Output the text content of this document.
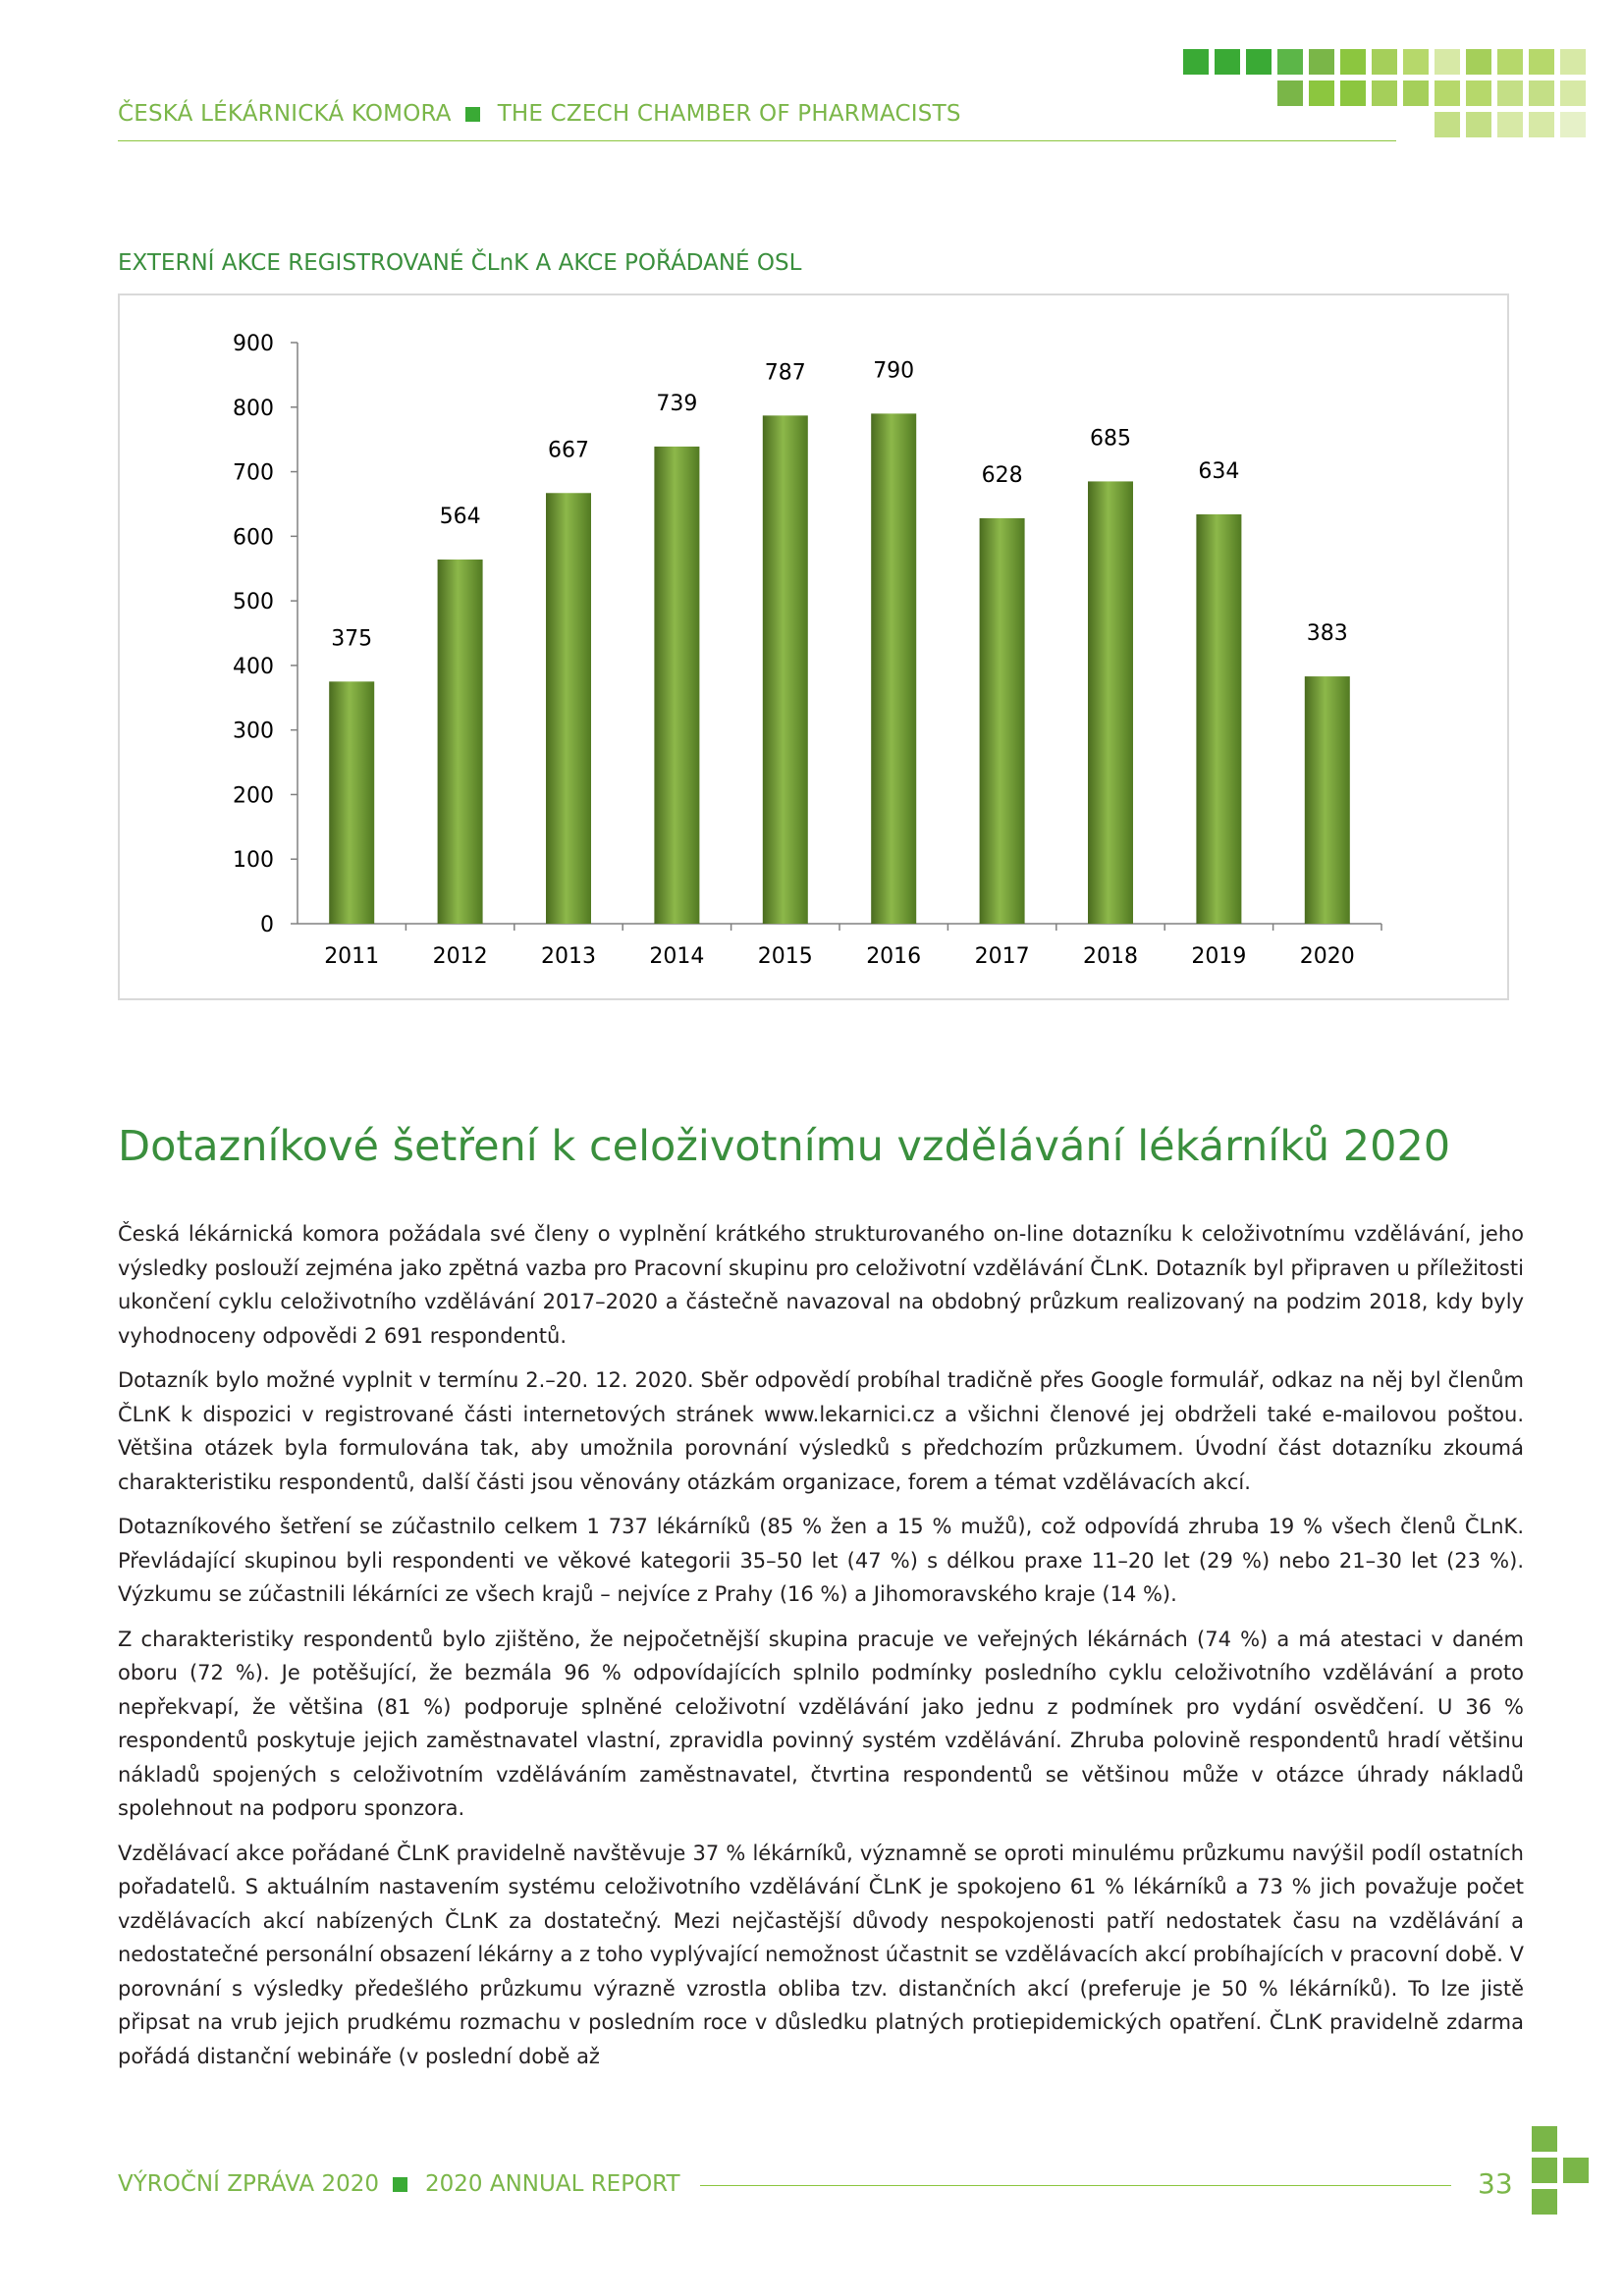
ČESKÁ LÉKÁRNICKÁ KOMORA THE CZECH CHAMBER OF PHARMACISTS
EXTERNÍ AKCE REGISTROVANÉ ČLnK A AKCE POŘÁDANÉ OSL
0
100
200
300
400
500
600
700
800
900
2011
375
2012
564
2013
667
2014
739
2015
787
2016
790
2017
628
2018
685
2019
634
2020
383
Dotazníkové šetření k celoživotnímu vzdělávání lékárníků 2020

Česká lékárnická komora požádala své členy o vyplnění krátkého strukturovaného on-line dotazníku k celoživotnímu vzdělávání, jeho výsledky poslouží zejména jako zpětná vazba pro Pracovní skupinu pro celoživotní vzdělávání ČLnK. Dotazník byl připraven u příležitosti ukončení cyklu celoživotního vzdělávání 2017–2020 a částečně navazoval na obdobný průzkum realizovaný na podzim 2018, kdy byly vyhodnoceny odpovědi 2 691 respondentů.

Dotazník bylo možné vyplnit v termínu 2.–20. 12. 2020. Sběr odpovědí probíhal tradičně přes Google formulář, odkaz na něj byl členům ČLnK k dispozici v registrované části internetových stránek www.lekarnici.cz a všichni členové jej obdrželi také e-mailovou poštou. Většina otázek byla formulována tak, aby umožnila porovnání výsledků s předchozím průzkumem. Úvodní část dotazníku zkoumá charakteristiku respondentů, další části jsou věnovány otázkám organizace, forem a témat vzdělávacích akcí.

Dotazníkového šetření se zúčastnilo celkem 1 737 lékárníků (85 % žen a 15 % mužů), což odpovídá zhruba 19 % všech členů ČLnK. Převládající skupinou byli respondenti ve věkové kategorii 35–50 let (47 %) s délkou praxe 11–20 let (29 %) nebo 21–30 let (23 %). Výzkumu se zúčastnili lékárníci ze všech krajů – nejvíce z Prahy (16 %) a Jihomoravského kraje (14 %).

Z charakteristiky respondentů bylo zjištěno, že nejpočetnější skupina pracuje ve veřejných lékárnách (74 %) a má atestaci v daném oboru (72 %). Je potěšující, že bezmála 96 % odpovídajících splnilo podmínky posledního cyklu celoživotního vzdělávání a proto nepřekvapí, že většina (81 %) podporuje splněné celoživotní vzdělávání jako jednu z podmínek pro vydání osvědčení. U 36 % respondentů poskytuje jejich zaměstnavatel vlastní, zpravidla povinný systém vzdělávání. Zhruba polovině respondentů hradí většinu nákladů spojených s celoživotním vzděláváním zaměstnavatel, čtvrtina respondentů se většinou může v otázce úhrady nákladů spolehnout na podporu sponzora.

Vzdělávací akce pořádané ČLnK pravidelně navštěvuje 37 % lékárníků, významně se oproti minulému průzkumu navýšil podíl ostatních pořadatelů. S aktuálním nastavením systému celoživotního vzdělávání ČLnK je spokojeno 61 % lékárníků a 73 % jich považuje počet vzdělávacích akcí nabízených ČLnK za dostatečný. Mezi nejčastější důvody nespokojenosti patří nedostatek času na vzdělávání a nedostatečné personální obsazení lékárny a z toho vyplývající nemožnost účastnit se vzdělávacích akcí probíhajících v pracovní době. V porovnání s výsledky předešlého průzkumu výrazně vzrostla obliba tzv. distančních akcí (preferuje je 50 % lékárníků). To lze jistě připsat na vrub jejich prudkému rozmachu v posledním roce v důsledku platných protiepidemických opatření. ČLnK pravidelně zdarma pořádá distanční webináře (v poslední době až

VÝROČNÍ ZPRÁVA 2020 2020 ANNUAL REPORT	33
